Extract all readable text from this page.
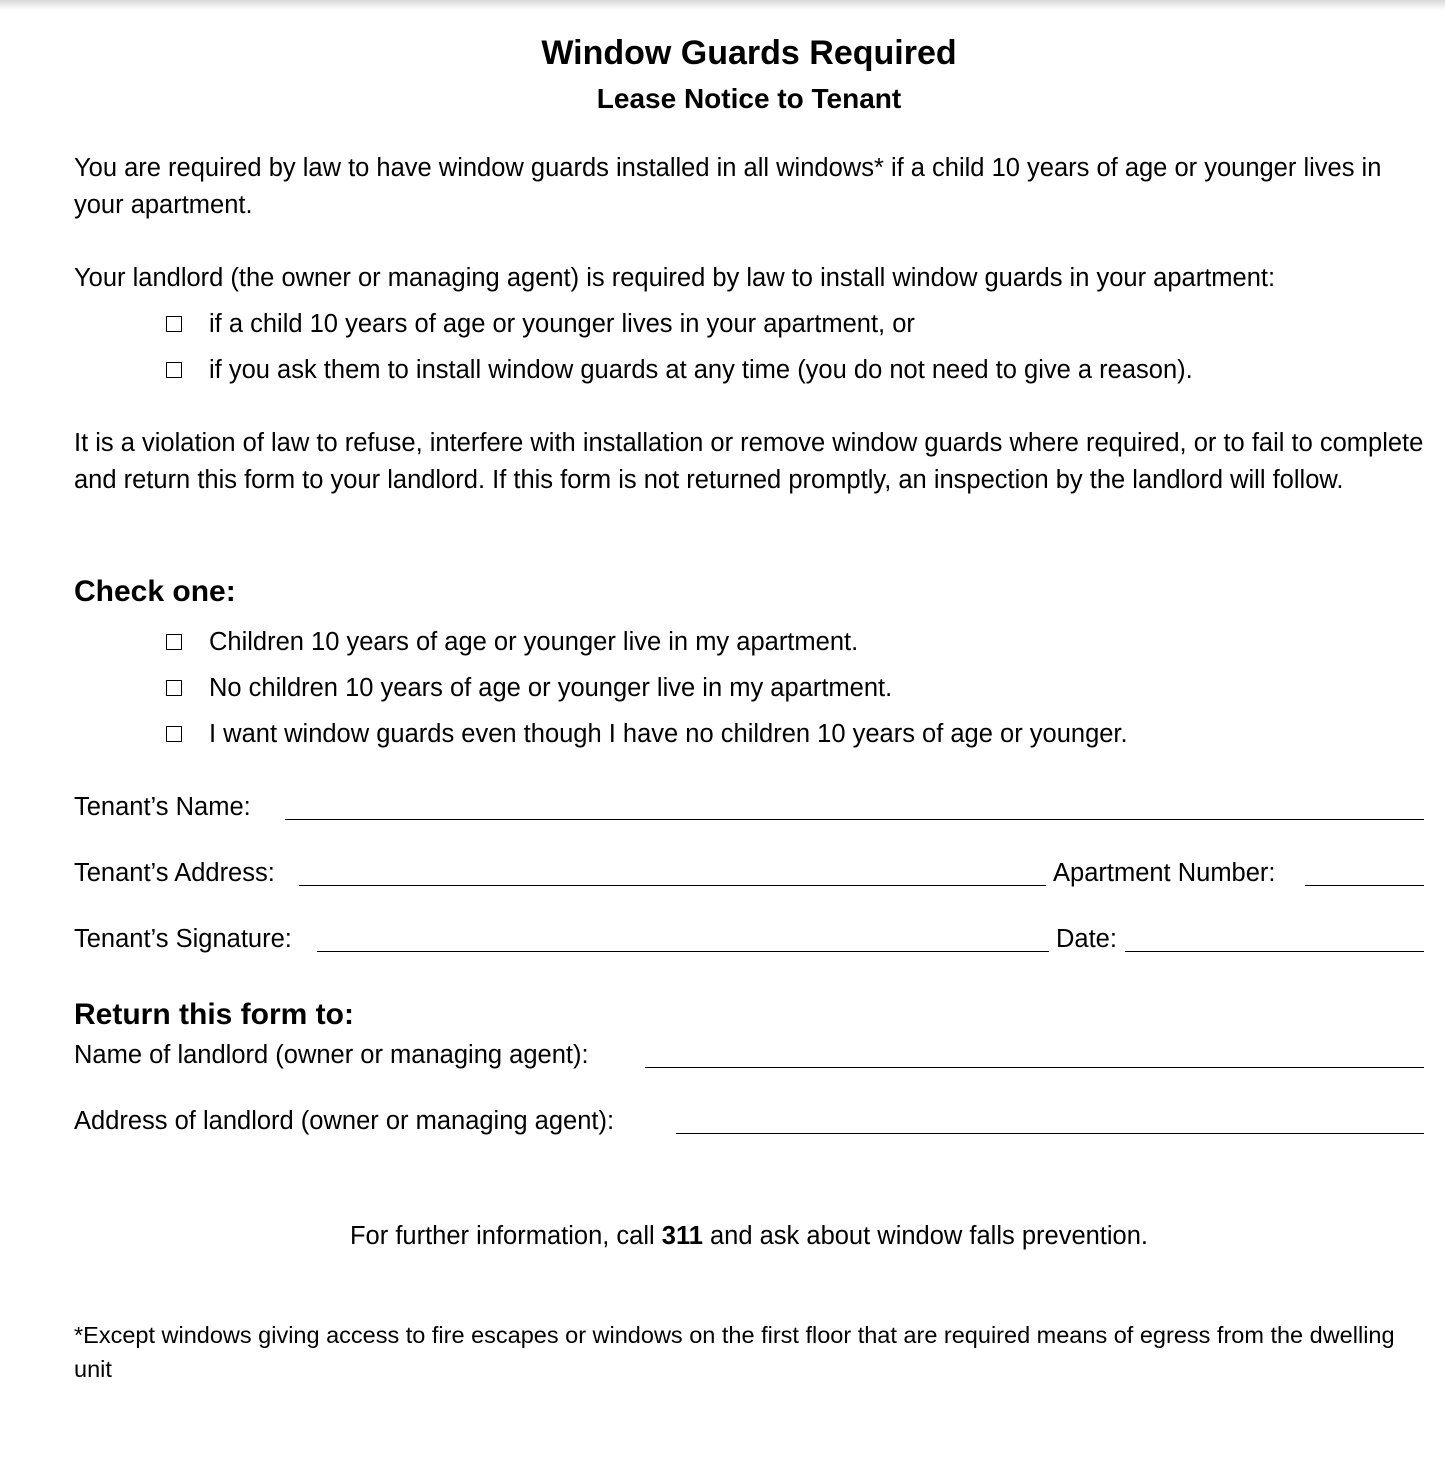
Window Guards Required
Lease Notice to Tenant
You are required by law to have window guards installed in all windows* if a child 10 years of age or younger lives in your apartment.
Your landlord (the owner or managing agent) is required by law to install window guards in your apartment:
if a child 10 years of age or younger lives in your apartment, or
if you ask them to install window guards at any time (you do not need to give a reason).
It is a violation of law to refuse, interfere with installation or remove window guards where required, or to fail to complete and return this form to your landlord. If this form is not returned promptly, an inspection by the landlord will follow.
Check one:
Children 10 years of age or younger live in my apartment.
No children 10 years of age or younger live in my apartment.
I want window guards even though I have no children 10 years of age or younger.
Tenant’s Name:
Tenant’s Address:	Apartment Number:
Tenant’s Signature:	Date:
Return this form to:
Name of landlord (owner or managing agent):
Address of landlord (owner or managing agent):
For further information, call 311 and ask about window falls prevention.
*Except windows giving access to fire escapes or windows on the first floor that are required means of egress from the dwelling unit
